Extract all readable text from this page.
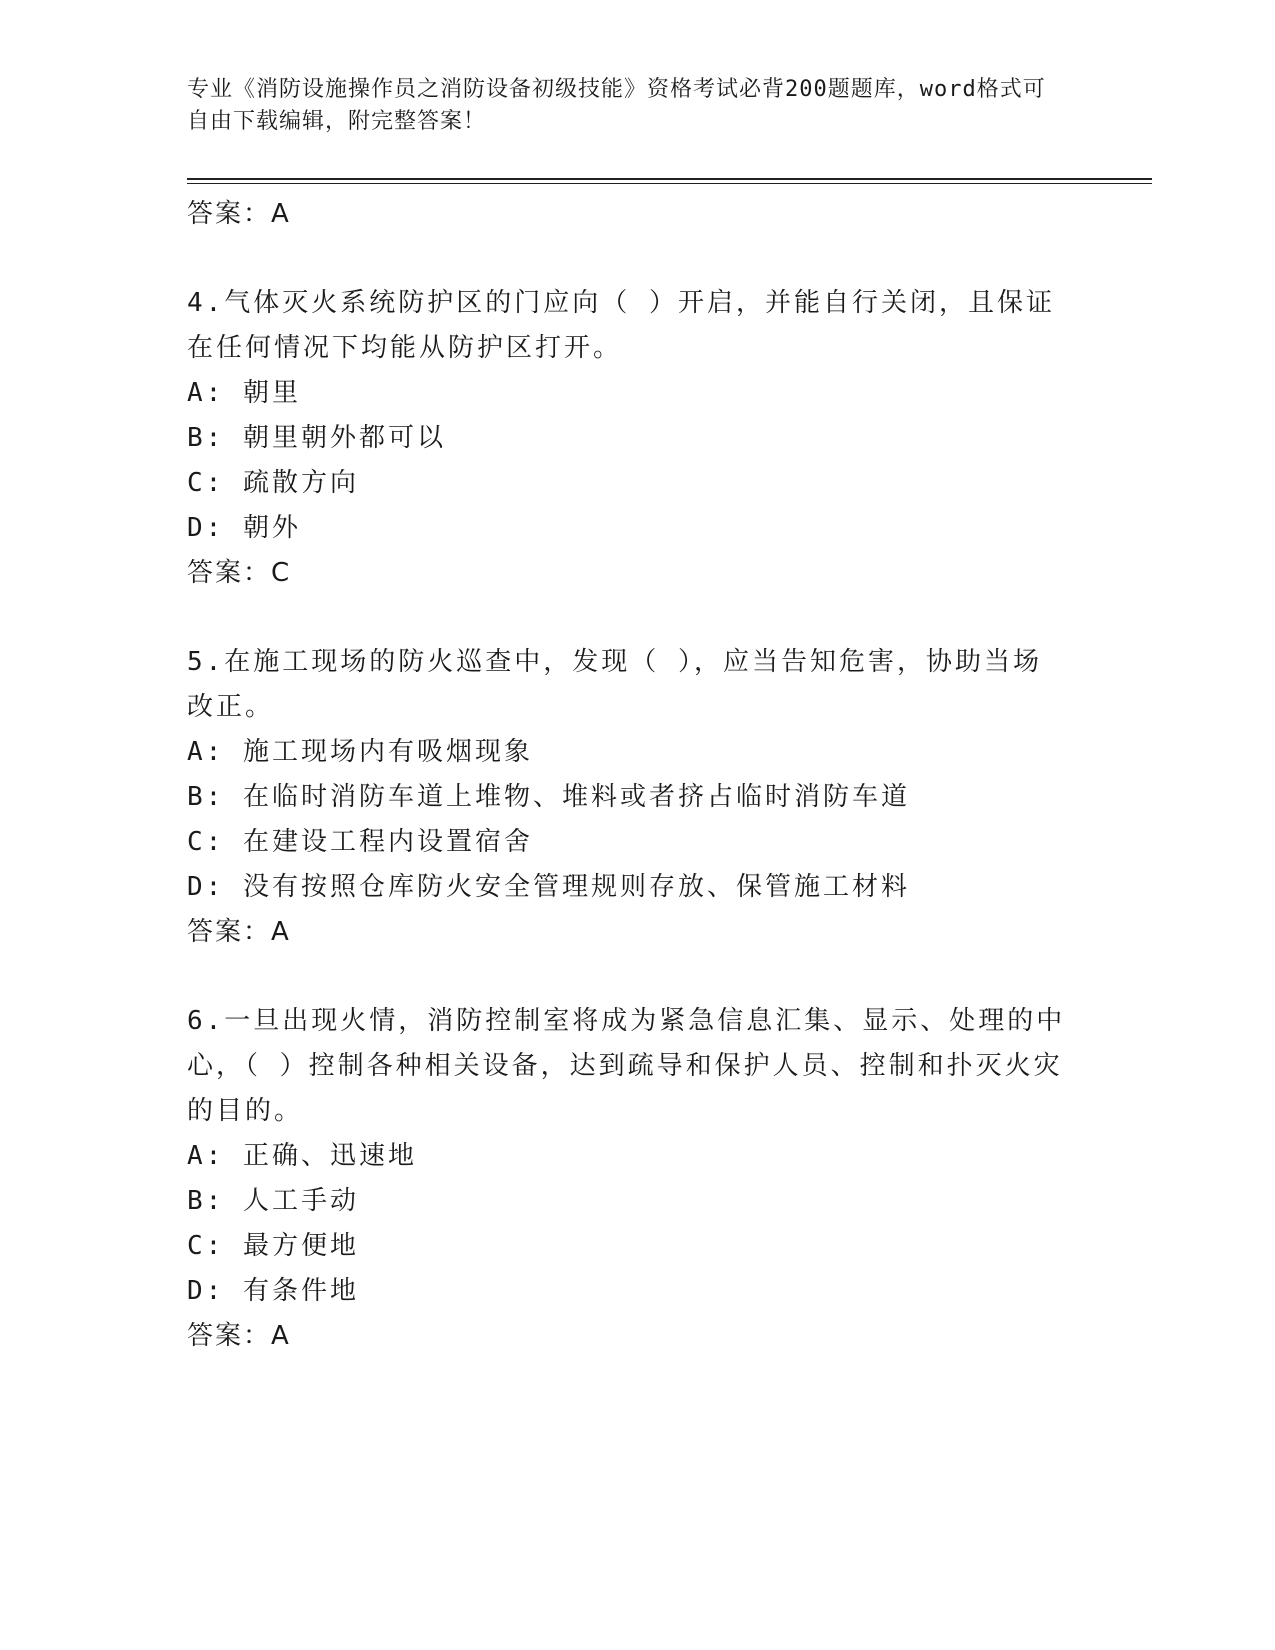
专业《消防设施操作员之消防设备初级技能》资格考试必背200题题库，word格式可自由下载编辑，附完整答案！
答案：A
4.气体灭火系统防护区的门应向（ ）开启，并能自行关闭，且保证在任何情况下均能从防护区打开。
A: 朝里
B: 朝里朝外都可以
C: 疏散方向
D: 朝外
答案：C
5.在施工现场的防火巡查中，发现（ ），应当告知危害，协助当场改正。
A: 施工现场内有吸烟现象
B: 在临时消防车道上堆物、堆料或者挤占临时消防车道
C: 在建设工程内设置宿舍
D: 没有按照仓库防火安全管理规则存放、保管施工材料
答案：A
6.一旦出现火情，消防控制室将成为紧急信息汇集、显示、处理的中心，（ ）控制各种相关设备，达到疏导和保护人员、控制和扑灭火灾的目的。
A: 正确、迅速地
B: 人工手动
C: 最方便地
D: 有条件地
答案：A
